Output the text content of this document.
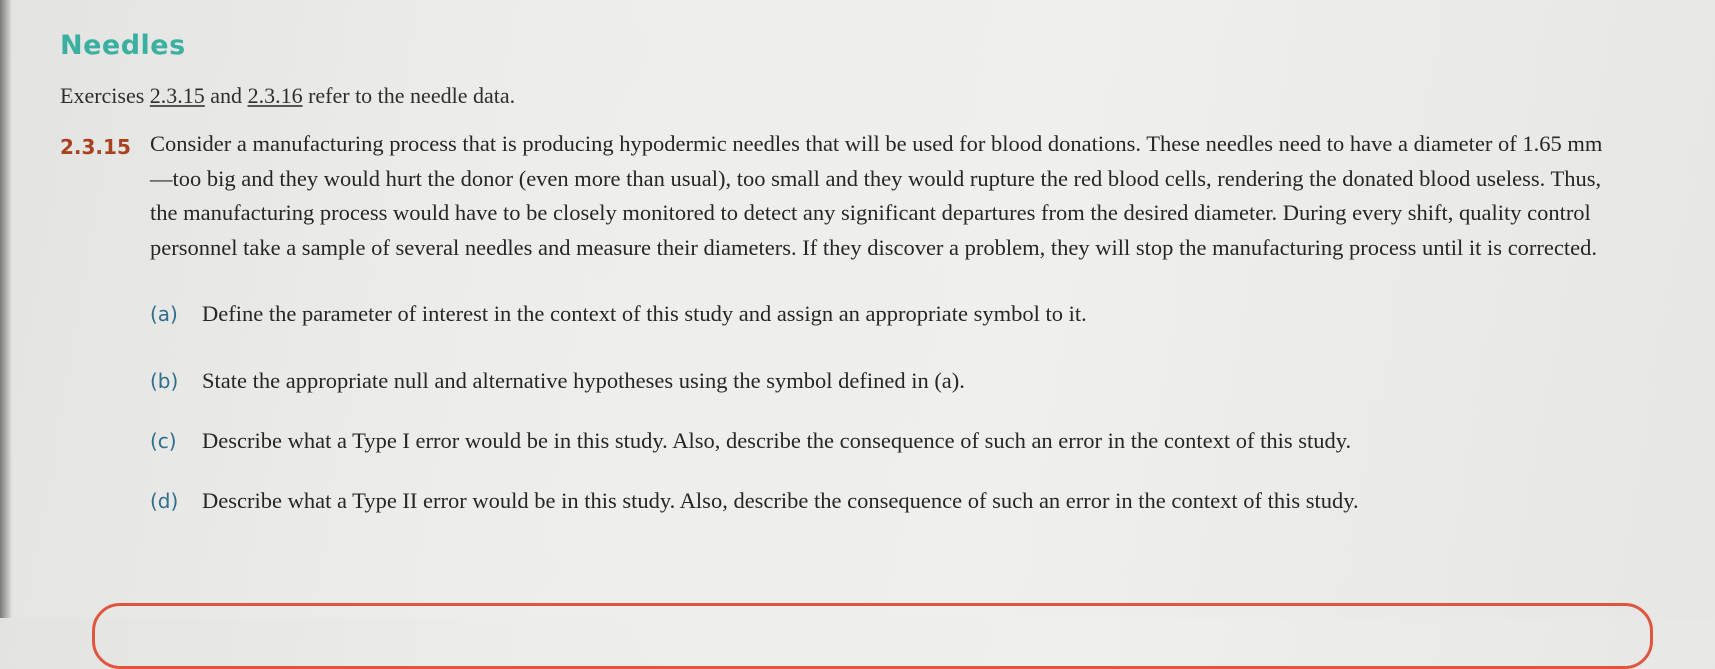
Needles
Exercises 2.3.15 and 2.3.16 refer to the needle data.
2.3.15 Consider a manufacturing process that is producing hypodermic needles that will be used for blood donations. These needles need to have a diameter of 1.65 mm—too big and they would hurt the donor (even more than usual), too small and they would rupture the red blood cells, rendering the donated blood useless. Thus, the manufacturing process would have to be closely monitored to detect any significant departures from the desired diameter. During every shift, quality control personnel take a sample of several needles and measure their diameters. If they discover a problem, they will stop the manufacturing process until it is corrected.
(a) Define the parameter of interest in the context of this study and assign an appropriate symbol to it.
(b) State the appropriate null and alternative hypotheses using the symbol defined in (a).
(c) Describe what a Type I error would be in this study. Also, describe the consequence of such an error in the context of this study.
(d) Describe what a Type II error would be in this study. Also, describe the consequence of such an error in the context of this study.
